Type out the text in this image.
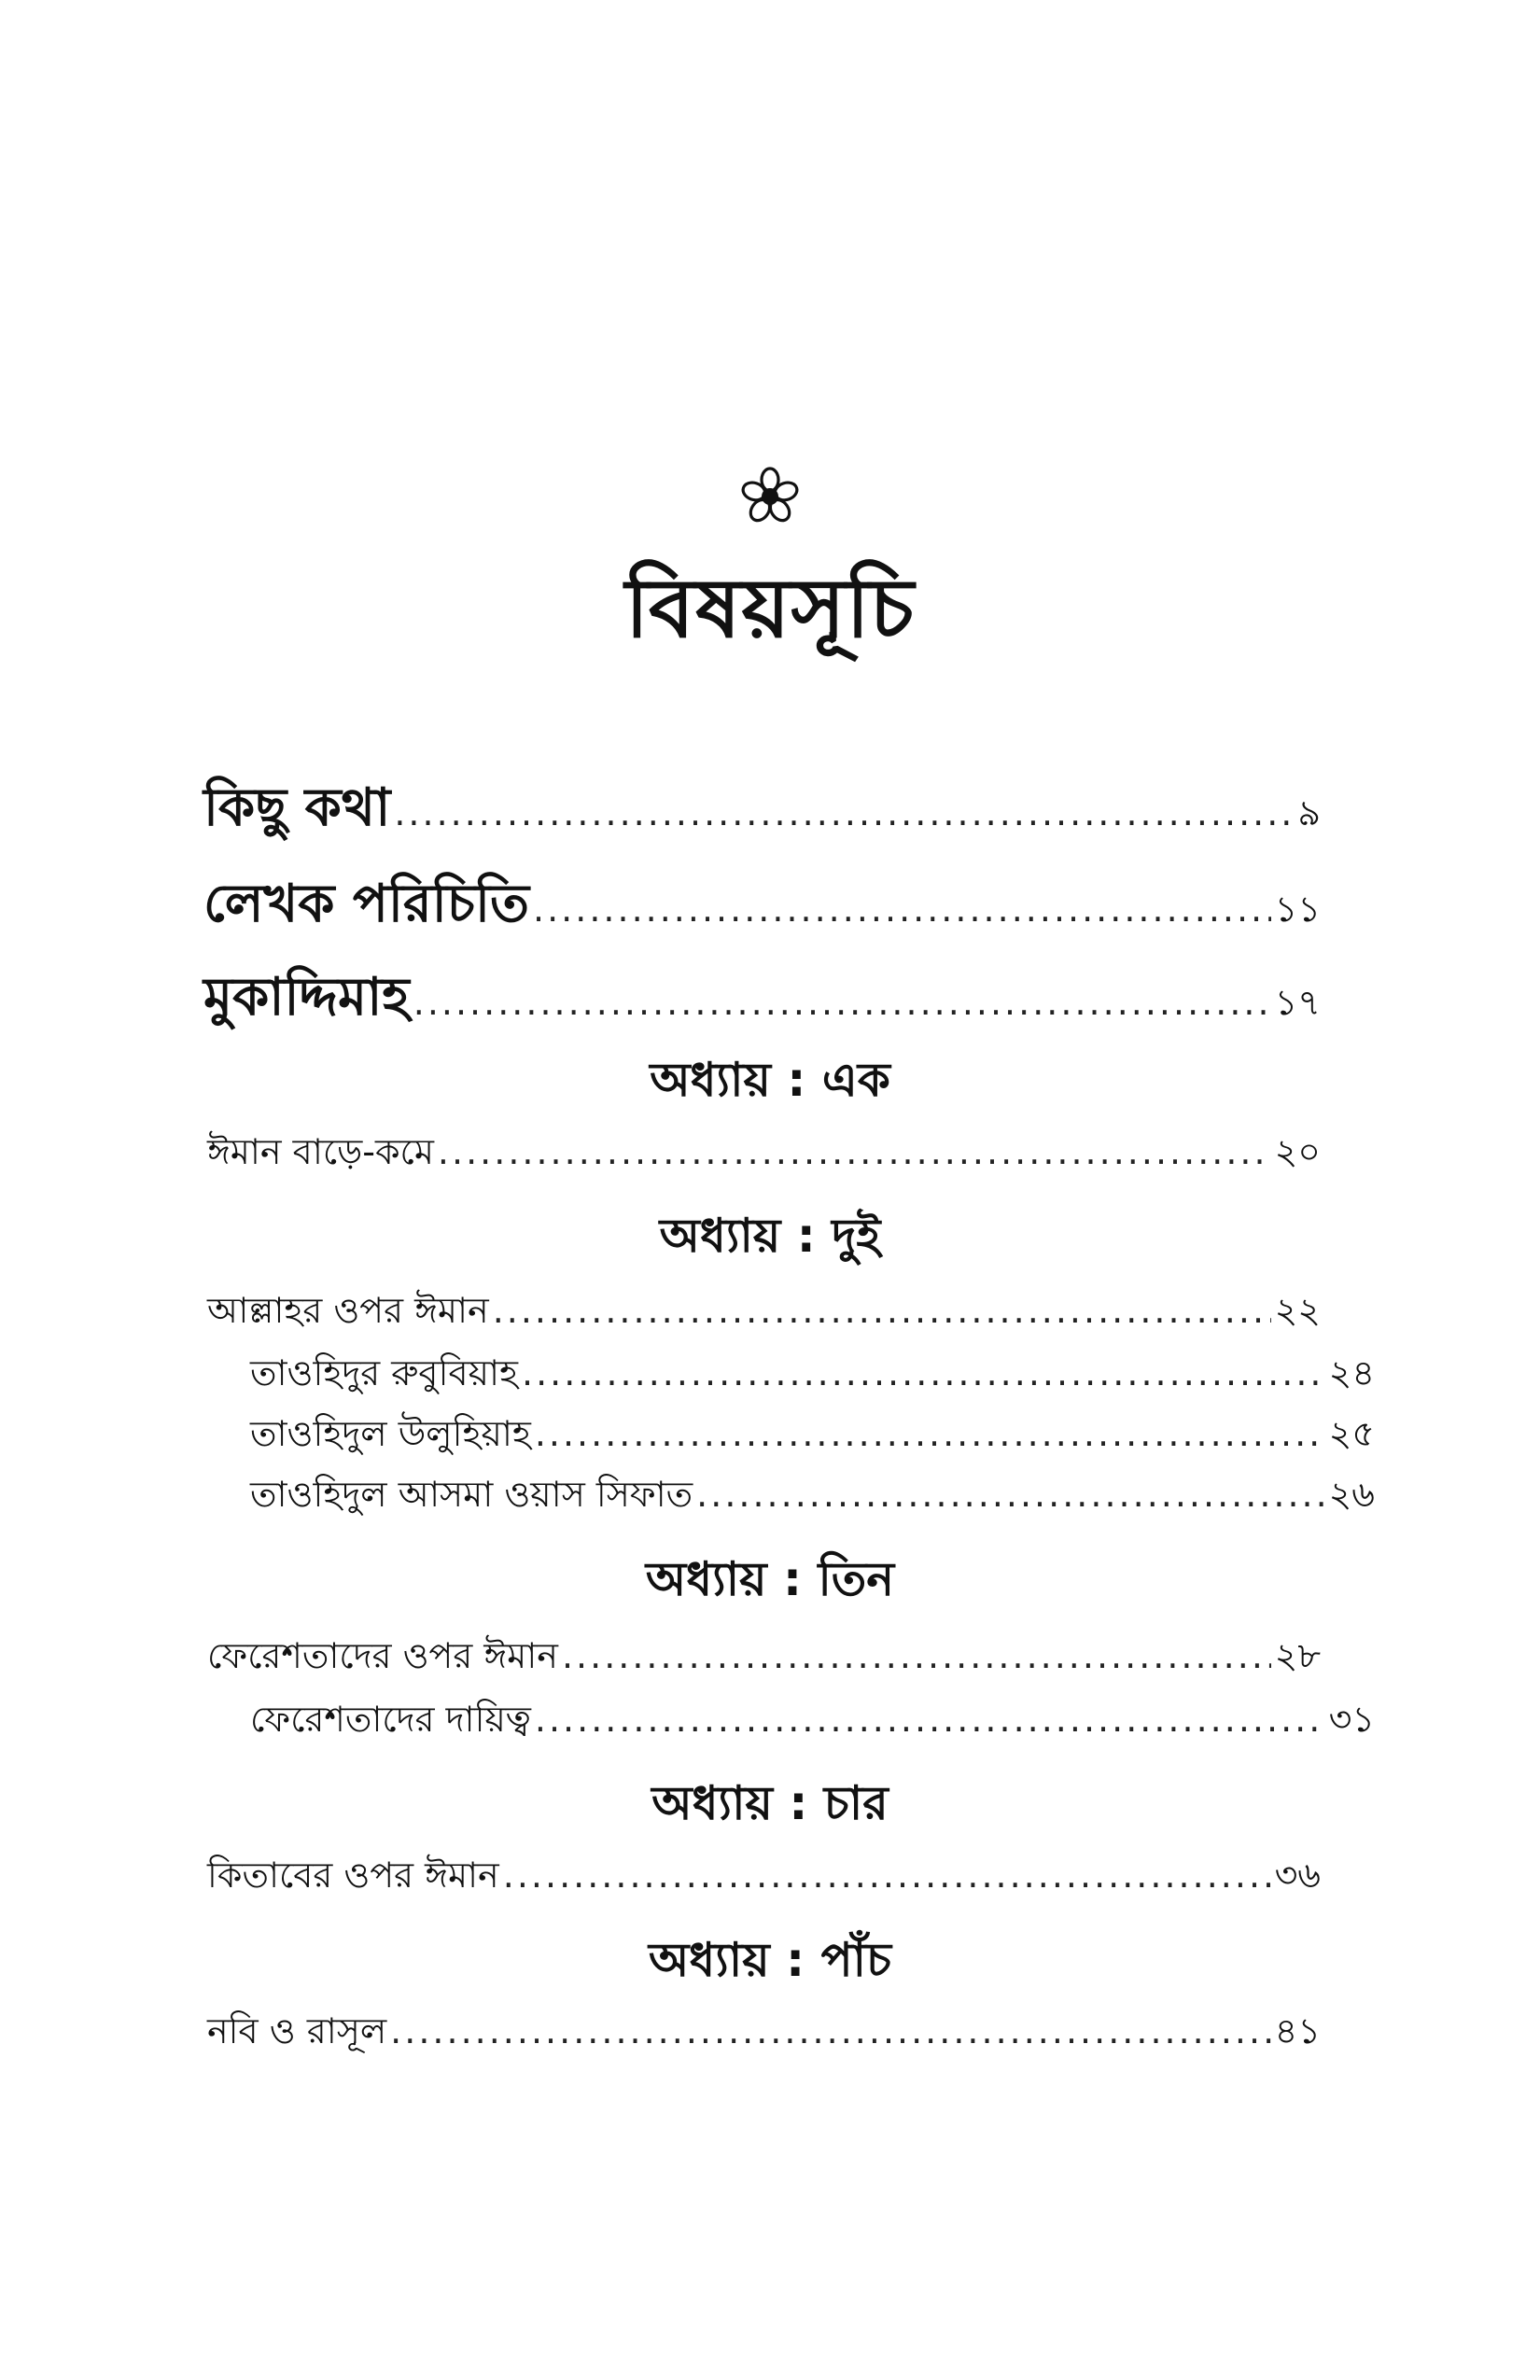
বিষয়সূচি
কিছু কথা .....	৯
লেখক পরিচিতি .....	১১
মুকাদ্দিমাহ .....	১৭
অধ্যায় : এক
ঈমান বাড়ে-কমে .....	২০
অধ্যায় : দুই
আল্লাহর ওপর ঈমান .....	২২
তাওহিদুর রুবুবিয়াহ .....	২৪
তাওহিদুল উলুহিয়াহ .....	২৫
তাওহিদুল আসমা ওয়াস সিফাত .....	২৬
অধ্যায় : তিন
ফেরেশতাদের ওপর ঈমান .....	২৮
ফেরেশতাদের দায়িত্ব .....	৩১
অধ্যায় : চার
কিতাবের ওপর ঈমান .....	৩৬
অধ্যায় : পাঁচ
নবি ও রাসূল .....	৪১
